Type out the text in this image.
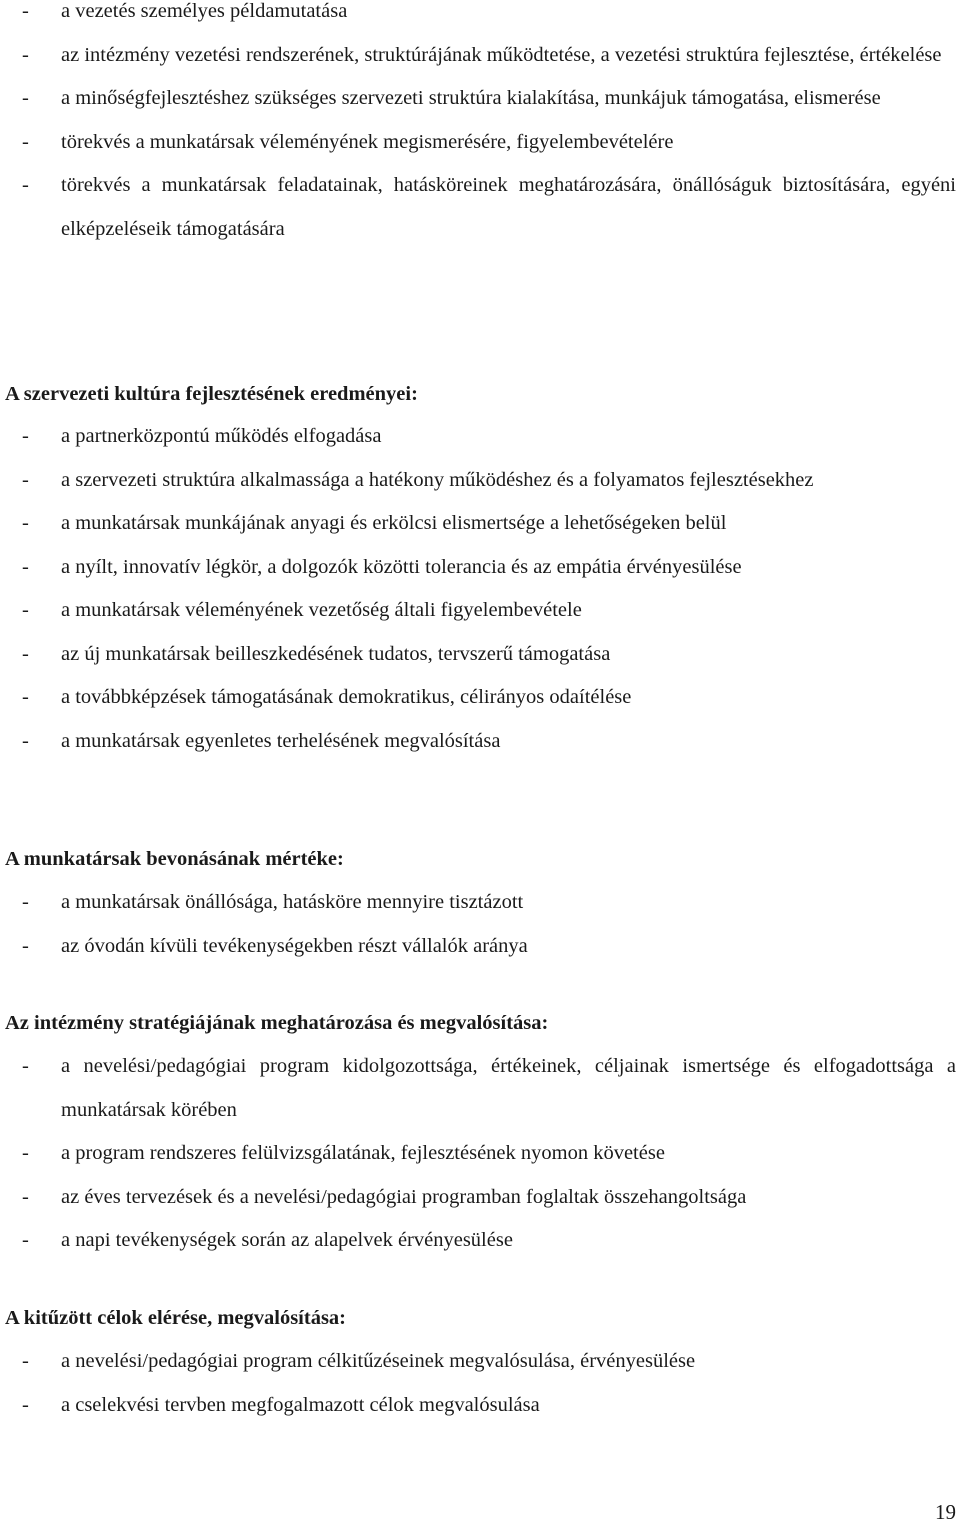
-	a vezetés személyes példamutatása
-	az intézmény vezetési rendszerének, struktúrájának működtetése, a vezetési struktúra fejlesztése, értékelése
-	a minőségfejlesztéshez szükséges szervezeti struktúra kialakítása, munkájuk támogatása, elismerése
-	törekvés a munkatársak véleményének megismerésére, figyelembevételére
-	törekvés a munkatársak feladatainak, hatásköreinek meghatározására, önállóságuk biztosítására, egyéni elképzeléseik támogatására
A szervezeti kultúra fejlesztésének eredményei:
-	a partnerközpontú működés elfogadása
-	a szervezeti struktúra alkalmassága a hatékony működéshez és a folyamatos fejlesztésekhez
-	a munkatársak munkájának anyagi és erkölcsi elismertsége a lehetőségeken belül
-	a nyílt, innovatív légkör, a dolgozók közötti tolerancia és az empátia érvényesülése
-	a munkatársak véleményének vezetőség általi figyelembevétele
-	az új munkatársak beilleszkedésének tudatos, tervszerű támogatása
-	a továbbképzések támogatásának demokratikus, célirányos odaítélése
-	a munkatársak egyenletes terhelésének megvalósítása
A munkatársak bevonásának mértéke:
-	a munkatársak önállósága, hatásköre mennyire tisztázott
-	az óvodán kívüli tevékenységekben részt vállalók aránya
Az intézmény stratégiájának meghatározása és megvalósítása:
-	a nevelési/pedagógiai program kidolgozottsága, értékeinek, céljainak ismertsége és elfogadottsága a munkatársak körében
-	a program rendszeres felülvizsgálatának, fejlesztésének nyomon követése
-	az éves tervezések és a nevelési/pedagógiai programban foglaltak összehangoltsága
-	a napi tevékenységek során az alapelvek érvényesülése
A kitűzött célok elérése, megvalósítása:
-	a nevelési/pedagógiai program célkitűzéseinek megvalósulása, érvényesülése
-	a cselekvési tervben megfogalmazott célok megvalósulása
19
